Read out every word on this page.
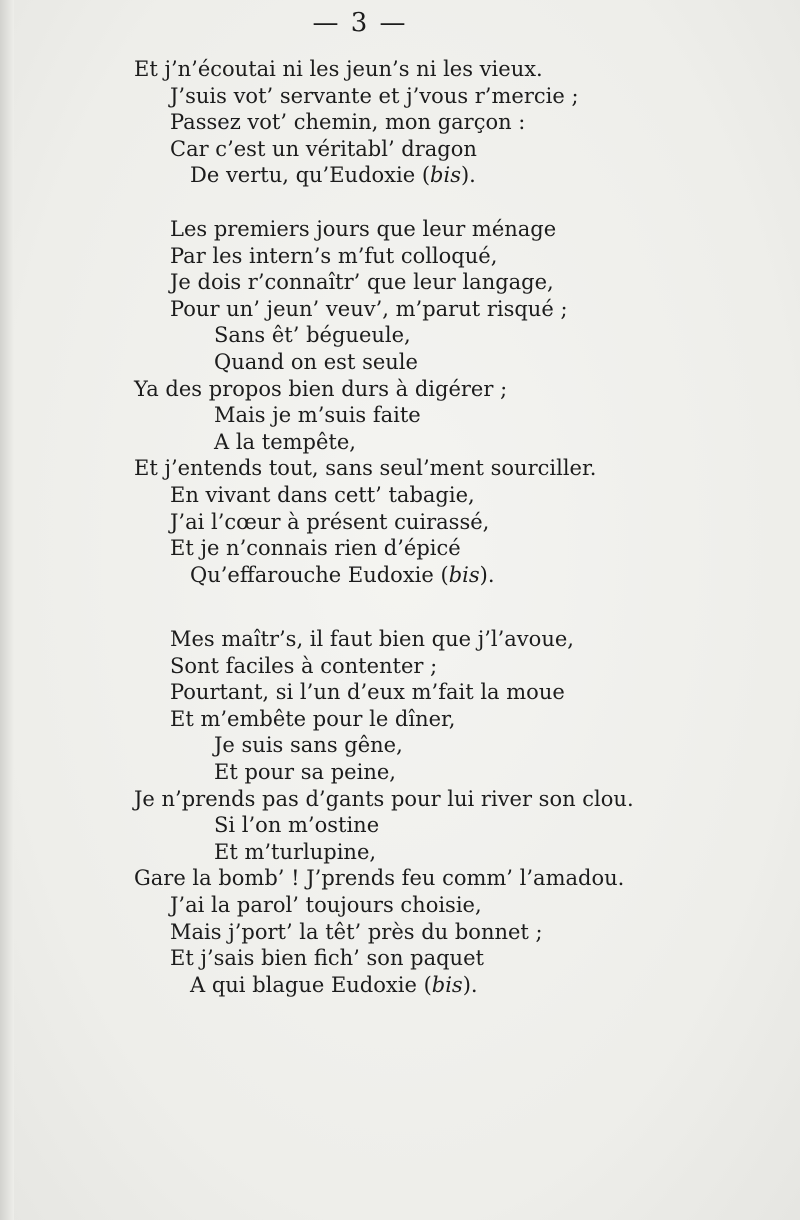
— 3 —
Et j’n’écoutai ni les jeun’s ni les vieux.
J’suis vot’ servante et j’vous r’mercie ;
Passez vot’ chemin, mon garçon :
Car c’est un véritabl’ dragon
De vertu, qu’Eudoxie (bis).
Les premiers jours que leur ménage
Par les intern’s m’fut colloqué,
Je dois r’connaîtr’ que leur langage,
Pour un’ jeun’ veuv’, m’parut risqué ;
Sans êt’ bégueule,
Quand on est seule
Ya des propos bien durs à digérer ;
Mais je m’suis faite
A la tempête,
Et j’entends tout, sans seul’ment sourciller.
En vivant dans cett’ tabagie,
J’ai l’cœur à présent cuirassé,
Et je n’connais rien d’épicé
Qu’effarouche Eudoxie (bis).
Mes maîtr’s, il faut bien que j’l’avoue,
Sont faciles à contenter ;
Pourtant, si l’un d’eux m’fait la moue
Et m’embête pour le dîner,
Je suis sans gêne,
Et pour sa peine,
Je n’prends pas d’gants pour lui river son clou.
Si l’on m’ostine
Et m’turlupine,
Gare la bomb’ ! J’prends feu comm’ l’amadou.
J’ai la parol’ toujours choisie,
Mais j’port’ la têt’ près du bonnet ;
Et j’sais bien fich’ son paquet
A qui blague Eudoxie (bis).
